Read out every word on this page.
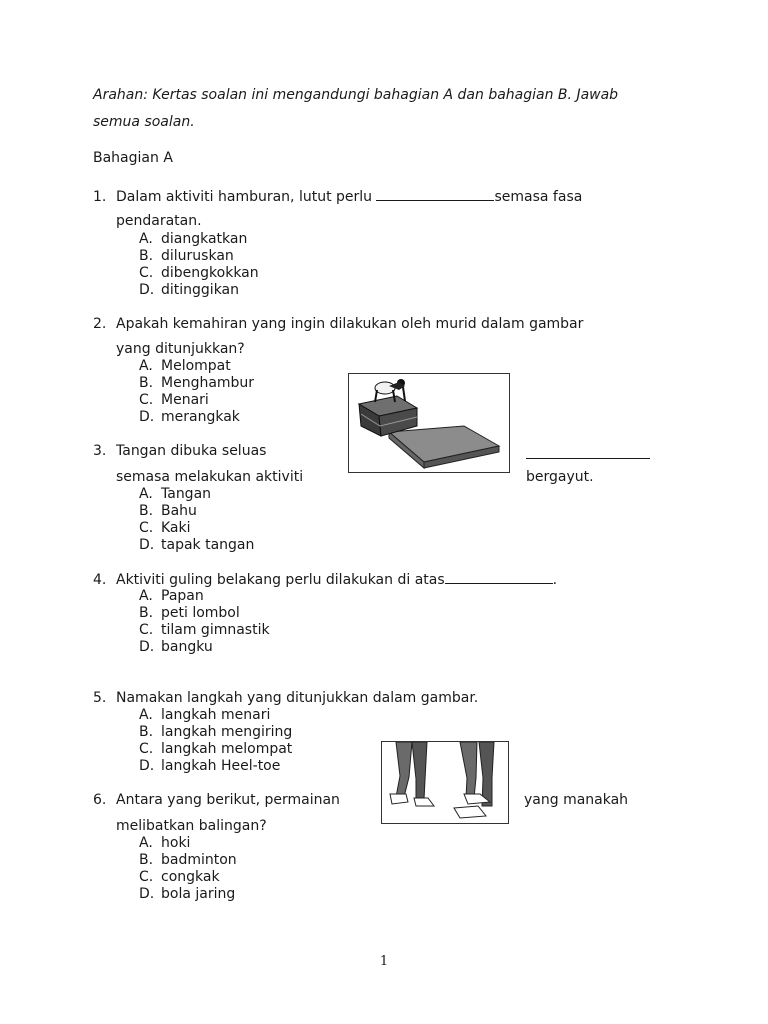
Arahan: Kertas soalan ini mengandungi bahagian A dan bahagian B. Jawab
semua soalan.
Bahagian A
1. Dalam aktiviti hamburan, lutut perlu	semasa fasa
pendaratan.
A. diangkatkan
B. diluruskan
C. dibengkokkan
D. ditinggikan
2. Apakah kemahiran yang ingin dilakukan oleh murid dalam gambar
yang ditunjukkan?
A. Melompat
B. Menghambur
C. Menari
D. merangkak
3. Tangan dibuka seluas
semasa melakukan aktiviti	bergayut.
A. Tangan
B. Bahu
C. Kaki
D. tapak tangan
4. Aktiviti guling belakang perlu dilakukan di atas	.
A. Papan
B. peti lombol
C. tilam gimnastik
D. bangku
5. Namakan langkah yang ditunjukkan dalam gambar.
A. langkah menari
B. langkah mengiring
C. langkah melompat
D. langkah Heel-toe
6. Antara yang berikut, permainan	yang manakah
melibatkan balingan?
A. hoki
B. badminton
C. congkak
D. bola jaring
1
